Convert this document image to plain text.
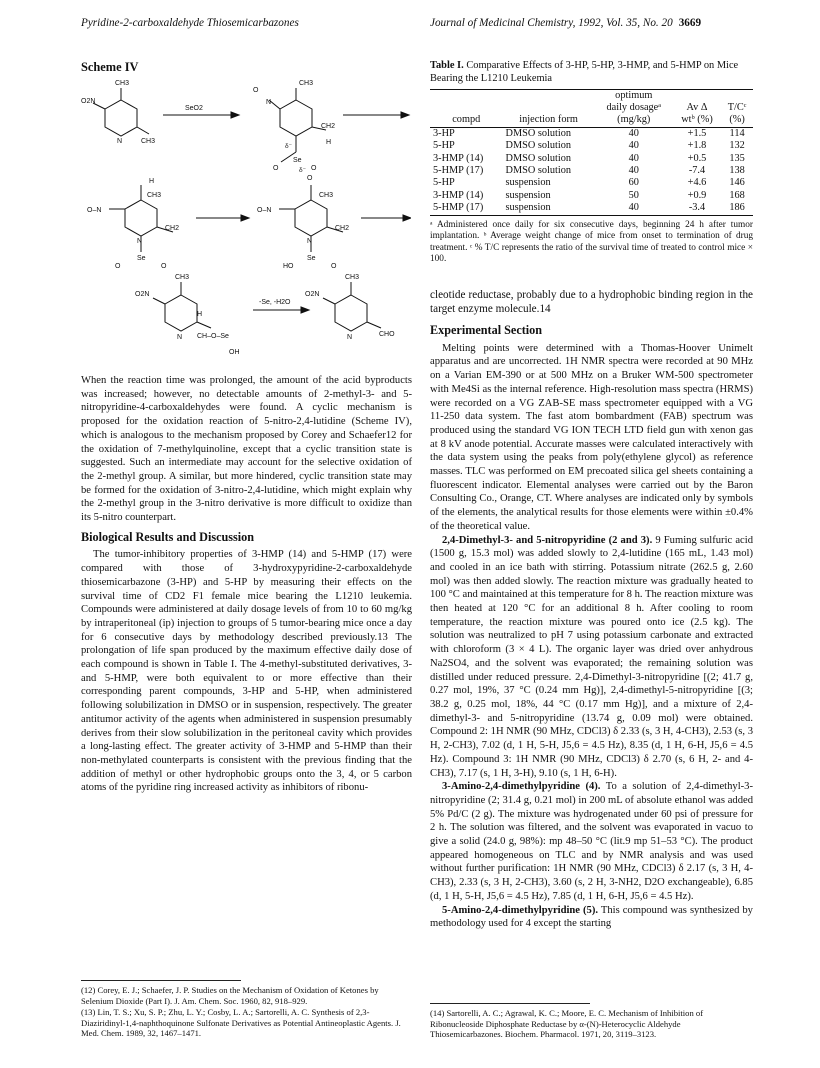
Pyridine-2-carboxaldehyde Thiosemicarbazones	Journal of Medicinal Chemistry, 1992, Vol. 35, No. 20 3669
Scheme IV
CH3
O2N
N	CH3
SeO2
O
CH3
N
CH2
H
δ⁻
Se
O	δ⁻ O
H
CH3
O–N
CH2
N
Se
O	O
O
CH3
O–N
CH2
N
Se
HO	O
CH3
O2N
H
N CH–O–Se
OH
-Se, -H2O
CH3
O2N
N	CHO

When the reaction time was prolonged, the amount of the acid byproducts was increased; however, no detectable amounts of 2-methyl-3- and 5-nitropyridine-4-carboxaldehydes were found. A cyclic mechanism is proposed for the oxidation reaction of 5-nitro-2,4-lutidine (Scheme IV), which is analogous to the mechanism proposed by Corey and Schaefer12 for the oxidation of 7-methylquinoline, except that a cyclic transition state is suggested. Such an intermediate may account for the selective oxidation of the 2-methyl group. A similar, but more hindered, cyclic transition state may be formed for the oxidation of 3-nitro-2,4-lutidine, which might explain why the 2-methyl group in the 3-nitro derivative is more difficult to oxidize than its 5-nitro counterpart.

Biological Results and Discussion

The tumor-inhibitory properties of 3-HMP (14) and 5-HMP (17) were compared with those of 3-hydroxypyridine-2-carboxaldehyde thiosemicarbazone (3-HP) and 5-HP by measuring their effects on the survival time of CD2 F1 female mice bearing the L1210 leukemia. Compounds were administered at daily dosage levels of from 10 to 60 mg/kg by intraperitoneal (ip) injection to groups of 5 tumor-bearing mice once a day for 6 consecutive days by methodology described previously.13 The prolongation of life span produced by the maximum effective daily dose of each compound is shown in Table I. The 4-methyl-substituted derivatives, 3- and 5-HMP, were both equivalent to or more effective than their corresponding parent compounds, 3-HP and 5-HP, when administered following solubilization in DMSO or in suspension, respectively. The greater antitumor activity of the agents when administered in suspension presumably derives from their slow solubilization in the peritoneal cavity which provides a long-lasting effect. The greater activity of 3-HMP and 5-HMP than their non-methylated counterparts is consistent with the previous finding that the addition of methyl or other hydrophobic groups onto the 3, 4, or 5 carbon atoms of the pyridine ring increased activity as inhibitors of ribonu-

(12) Corey, E. J.; Schaefer, J. P. Studies on the Mechanism of Oxidation of Ketones by Selenium Dioxide (Part I). J. Am. Chem. Soc. 1960, 82, 918–929.

(13) Lin, T. S.; Xu, S. P.; Zhu, L. Y.; Cosby, L. A.; Sartorelli, A. C. Synthesis of 2,3-Diaziridinyl-1,4-naphthoquinone Sulfonate Derivatives as Potential Antineoplastic Agents. J. Med. Chem. 1989, 32, 1467–1471.

Table I. Comparative Effects of 3-HP, 5-HP, 3-HMP, and 5-HMP on Mice Bearing the L1210 Leukemia
		optimum		
		daily dosageᵃ	Av Δ	T/Cᶜ
compd	injection form	(mg/kg)	wtᵇ (%)	(%)
3-HP	DMSO solution	40	+1.5	114
5-HP	DMSO solution	40	+1.8	132
3-HMP (14)	DMSO solution	40	+0.5	135
5-HMP (17)	DMSO solution	40	-7.4	138
5-HP	suspension	60	+4.6	146
3-HMP (14)	suspension	50	+0.9	168
5-HMP (17)	suspension	40	-3.4	186
ᵃ Administered once daily for six consecutive days, beginning 24 h after tumor implantation. ᵇ Average weight change of mice from onset to termination of drug treatment. ᶜ % T/C represents the ratio of the survival time of treated to control mice × 100.

cleotide reductase, probably due to a hydrophobic binding region in the target enzyme molecule.14

Experimental Section

Melting points were determined with a Thomas-Hoover Unimelt apparatus and are uncorrected. 1H NMR spectra were recorded at 90 MHz on a Varian EM-390 or at 500 MHz on a Bruker WM-500 spectrometer with Me4Si as the internal reference. High-resolution mass spectra (HRMS) were recorded on a VG ZAB-SE mass spectrometer equipped with a VG 11-250 data system. The fast atom bombardment (FAB) spectrum was produced using the standard VG ION TECH LTD field gun with xenon gas at 8 kV anode potential. Accurate masses were calculated interactively with the data system using the peaks from poly(ethylene glycol) as reference masses. TLC was performed on EM precoated silica gel sheets containing a fluorescent indicator. Elemental analyses were carried out by the Baron Consulting Co., Orange, CT. Where analyses are indicated only by symbols of the elements, the analytical results for those elements were within ±0.4% of the theoretical value.

2,4-Dimethyl-3- and 5-nitropyridine (2 and 3). 9 Fuming sulfuric acid (1500 g, 15.3 mol) was added slowly to 2,4-lutidine (165 mL, 1.43 mol) and cooled in an ice bath with stirring. Potassium nitrate (262.5 g, 2.60 mol) was then added slowly. The reaction mixture was gradually heated to 100 °C and maintained at this temperature for 8 h. The reaction mixture was then heated at 120 °C for an additional 8 h. After cooling to room temperature, the reaction mixture was poured onto ice (2.5 kg). The solution was neutralized to pH 7 using potassium carbonate and extracted with chloroform (3 × 4 L). The organic layer was dried over anhydrous Na2SO4, and the solvent was evaporated; the remaining solution was distilled under reduced pressure. 2,4-Dimethyl-3-nitropyridine [(2; 41.7 g, 0.27 mol, 19%, 37 °C (0.24 mm Hg)], 2,4-dimethyl-5-nitropyridine [(3; 38.2 g, 0.25 mol, 18%, 44 °C (0.17 mm Hg)], and a mixture of 2,4-dimethyl-3- and 5-nitropyridine (13.74 g, 0.09 mol) were obtained. Compound 2: 1H NMR (90 MHz, CDCl3) δ 2.33 (s, 3 H, 4-CH3), 2.53 (s, 3 H, 2-CH3), 7.02 (d, 1 H, 5-H, J5,6 = 4.5 Hz), 8.35 (d, 1 H, 6-H, J5,6 = 4.5 Hz). Compound 3: 1H NMR (90 MHz, CDCl3) δ 2.70 (s, 6 H, 2- and 4-CH3), 7.17 (s, 1 H, 3-H), 9.10 (s, 1 H, 6-H).

3-Amino-2,4-dimethylpyridine (4). To a solution of 2,4-dimethyl-3-nitropyridine (2; 31.4 g, 0.21 mol) in 200 mL of absolute ethanol was added 5% Pd/C (2 g). The mixture was hydrogenated under 60 psi of pressure for 2 h. The solution was filtered, and the solvent was evaporated in vacuo to give a solid (24.0 g, 98%): mp 48–50 °C (lit.9 mp 51–53 °C). The product appeared homogeneous on TLC and by NMR analysis and was used without further purification: 1H NMR (90 MHz, CDCl3) δ 2.17 (s, 3 H, 4-CH3), 2.33 (s, 3 H, 2-CH3), 3.60 (s, 2 H, 3-NH2, D2O exchangeable), 6.85 (d, 1 H, 5-H, J5,6 = 4.5 Hz), 7.85 (d, 1 H, 6-H, J5,6 = 4.5 Hz).

5-Amino-2,4-dimethylpyridine (5). This compound was synthesized by methodology used for 4 except the starting

(14) Sartorelli, A. C.; Agrawal, K. C.; Moore, E. C. Mechanism of Inhibition of Ribonucleoside Diphosphate Reductase by α-(N)-Heterocyclic Aldehyde Thiosemicarbazones. Biochem. Pharmacol. 1971, 20, 3119–3123.
